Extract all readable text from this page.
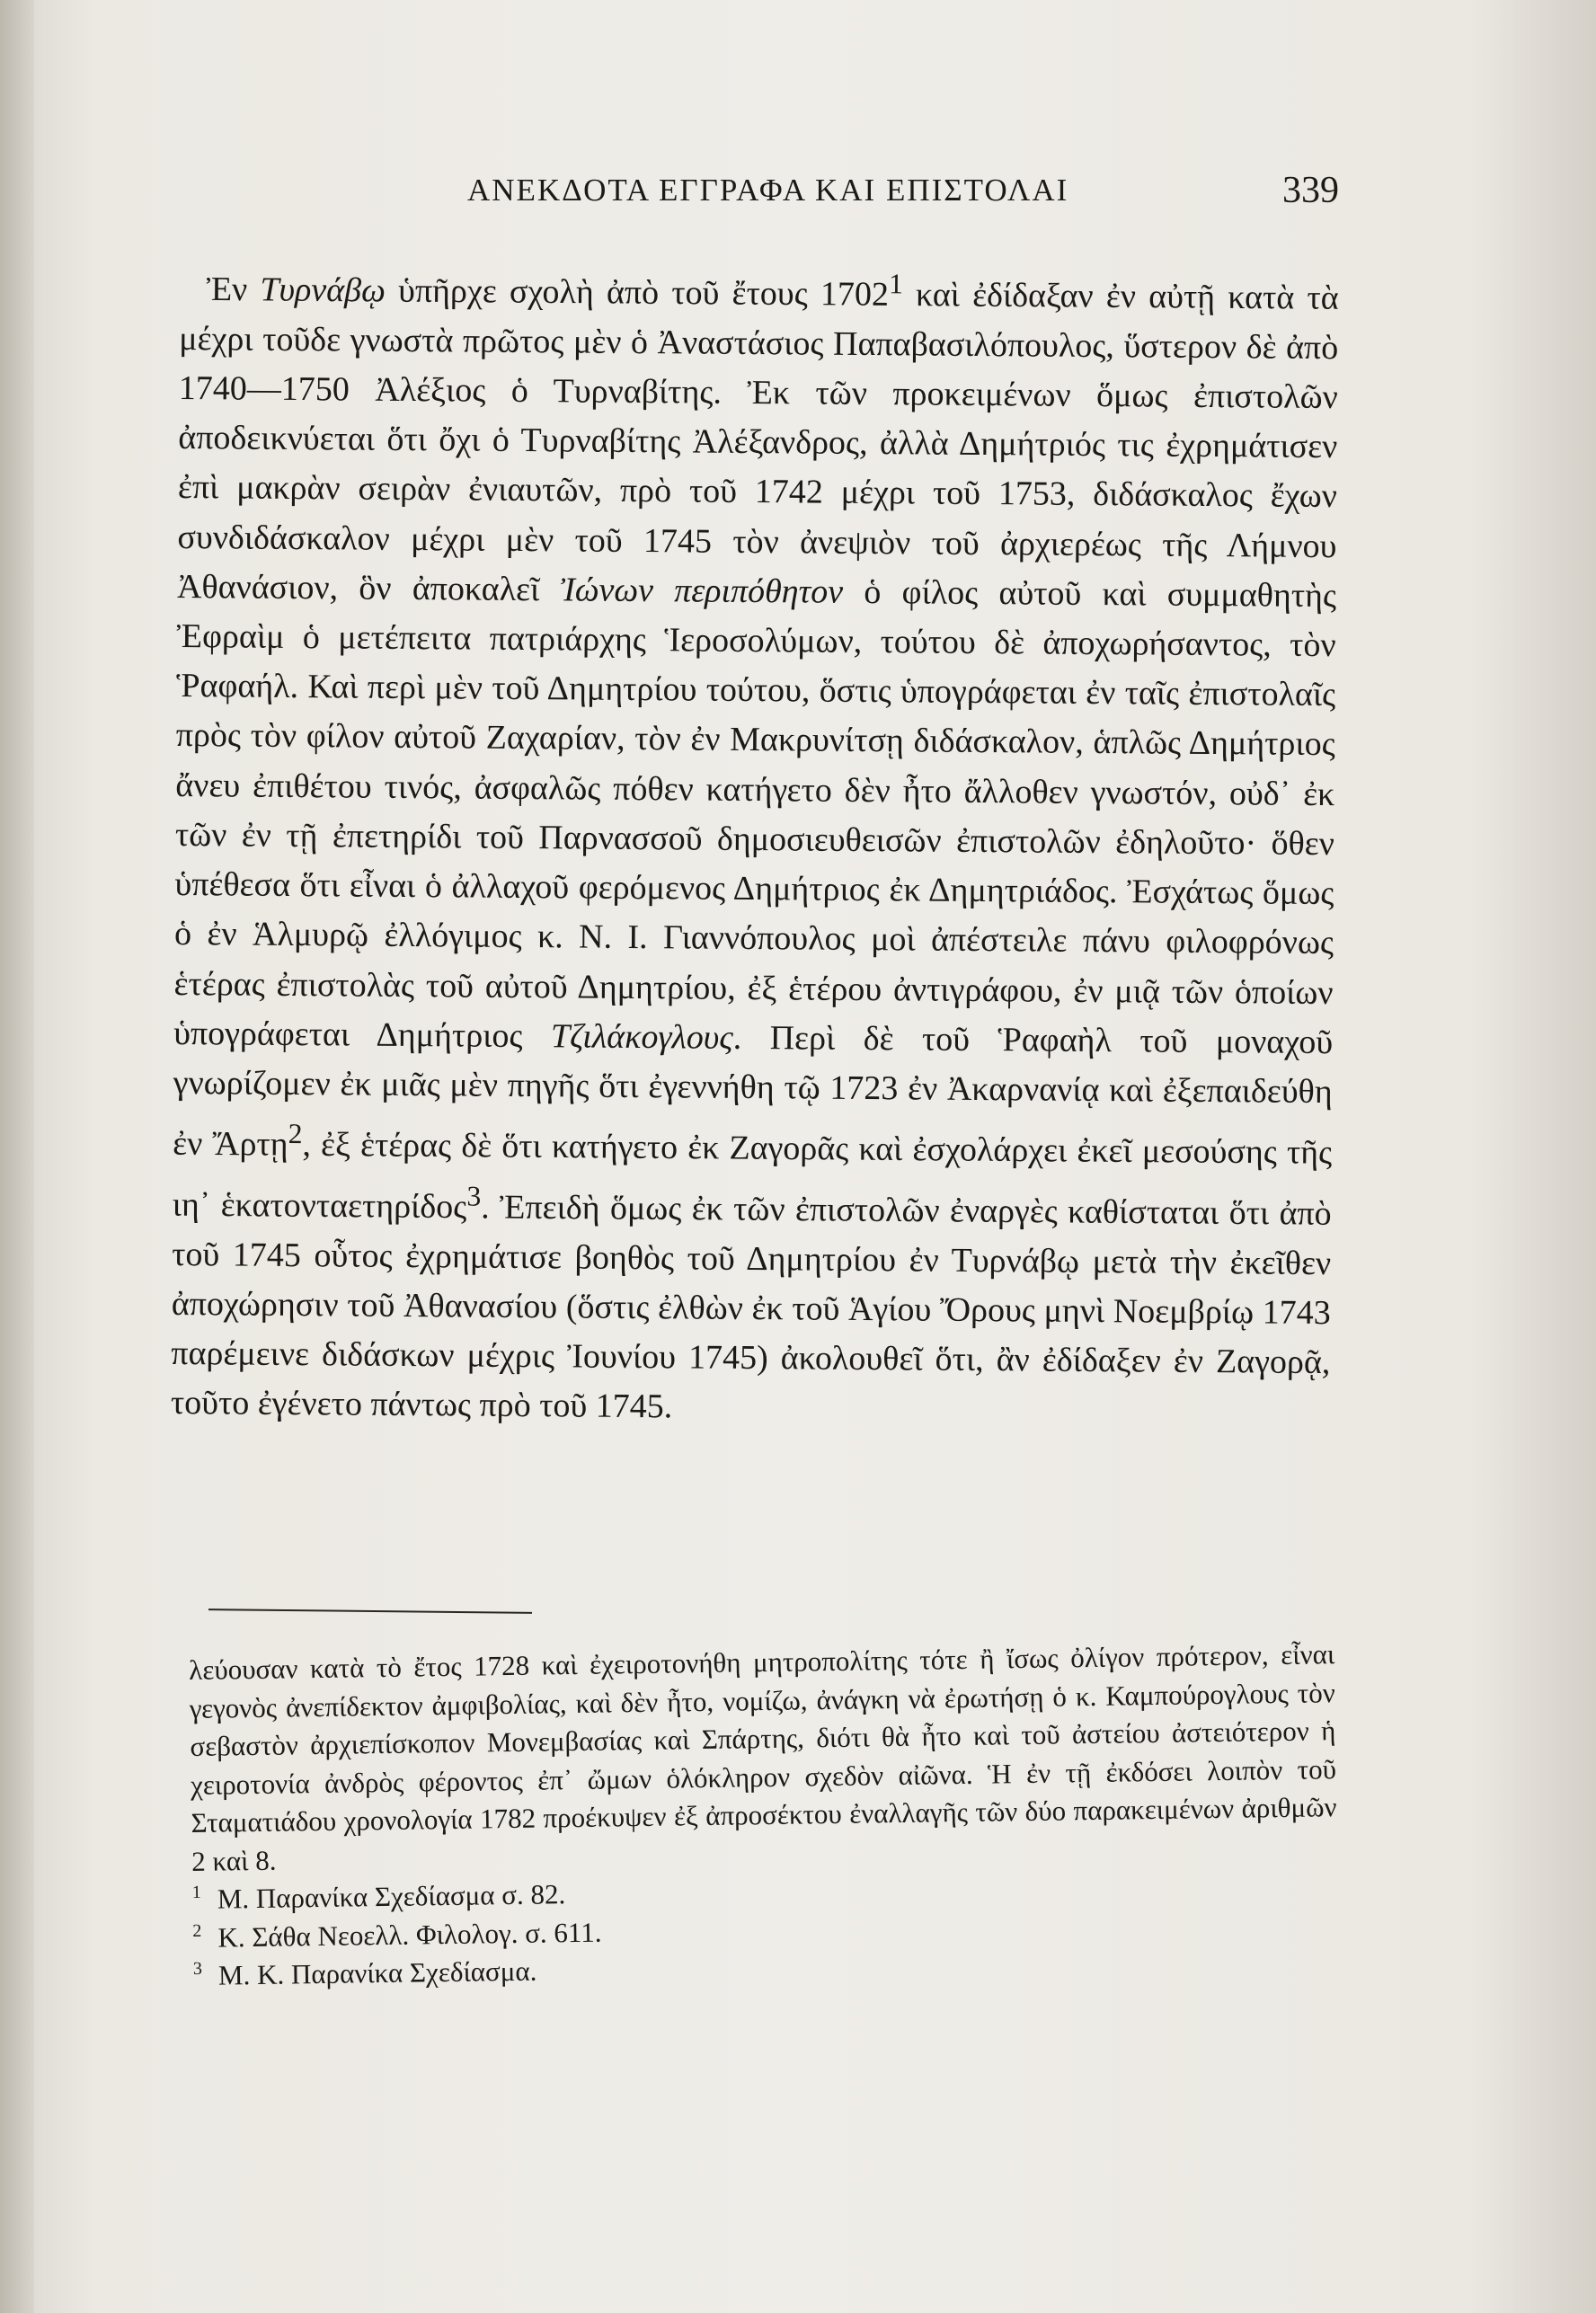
ΑΝΕΚΔΟΤΑ ΕΓΓΡΑΦΑ ΚΑΙ ΕΠΙΣΤΟΛΑΙ	339

Ἐν Τυρνάβῳ ὑπῆρχε σχολὴ ἀπὸ τοῦ ἔτους 1702$^1$ καὶ ἐδίδαξαν ἐν αὐτῇ κατὰ τὰ μέχρι τοῦδε γνωστὰ πρῶτος μὲν ὁ Ἀναστάσιος Παπαβασιλόπουλος, ὕστερον δὲ ἀπὸ 1740—1750 Ἀλέξιος ὁ Τυρναβίτης. Ἐκ τῶν προκειμένων ὅμως ἐπιστολῶν ἀποδεικνύεται ὅτι ὄχι ὁ Τυρναβίτης Ἀλέξανδρος, ἀλλὰ Δημήτριός τις ἐχρημάτισεν ἐπὶ μακρὰν σειρὰν ἐνιαυτῶν, πρὸ τοῦ 1742 μέχρι τοῦ 1753, διδάσκαλος ἔχων συνδιδάσκαλον μέχρι μὲν τοῦ 1745 τὸν ἀνεψιὸν τοῦ ἀρχιερέως τῆς Λήμνου Ἀθανάσιον, ὃν ἀποκαλεῖ Ἰώνων περιπόθητον ὁ φίλος αὐτοῦ καὶ συμμαθητὴς Ἐφραὶμ ὁ μετέπειτα πατριάρχης Ἱεροσολύμων, τούτου δὲ ἀποχωρήσαντος, τὸν Ῥαφαήλ. Καὶ περὶ μὲν τοῦ Δημητρίου τούτου, ὅστις ὑπογράφεται ἐν ταῖς ἐπιστολαῖς πρὸς τὸν φίλον αὐτοῦ Ζαχαρίαν, τὸν ἐν Μακρυνίτσῃ διδάσκαλον, ἁπλῶς Δημήτριος ἄνευ ἐπιθέτου τινός, ἀσφαλῶς πόθεν κατήγετο δὲν ἦτο ἄλλοθεν γνωστόν, οὐδ᾽ ἐκ τῶν ἐν τῇ ἐπετηρίδι τοῦ Παρνασσοῦ δημοσιευθεισῶν ἐπιστολῶν ἐδηλοῦτο· ὅθεν ὑπέθεσα ὅτι εἶναι ὁ ἀλλαχοῦ φερόμενος Δημήτριος ἐκ Δημητριάδος. Ἐσχάτως ὅμως ὁ ἐν Ἁλμυρῷ ἐλλόγιμος κ. Ν. Ι. Γιαννόπουλος μοὶ ἀπέστειλε πάνυ φιλοφρόνως ἑτέρας ἐπιστολὰς τοῦ αὐτοῦ Δημητρίου, ἐξ ἑτέρου ἀντιγράφου, ἐν μιᾷ τῶν ὁποίων ὑπογράφεται Δημήτριος Τζιλάκογλους. Περὶ δὲ τοῦ Ῥαφαὴλ τοῦ μοναχοῦ γνωρίζομεν ἐκ μιᾶς μὲν πηγῆς ὅτι ἐγεννήθη τῷ 1723 ἐν Ἀκαρνανίᾳ καὶ ἐξεπαιδεύθη ἐν Ἄρτῃ$^2$, ἐξ ἑτέρας δὲ ὅτι κατήγετο ἐκ Ζαγορᾶς καὶ ἐσχολάρχει ἐκεῖ μεσούσης τῆς ιη᾽ ἑκατονταετηρίδος$^3$. Ἐπειδὴ ὅμως ἐκ τῶν ἐπιστολῶν ἐναργὲς καθίσταται ὅτι ἀπὸ τοῦ 1745 οὗτος ἐχρημάτισε βοηθὸς τοῦ Δημητρίου ἐν Τυρνάβῳ μετὰ τὴν ἐκεῖθεν ἀποχώρησιν τοῦ Ἀθανασίου (ὅστις ἐλθὼν ἐκ τοῦ Ἁγίου Ὄρους μηνὶ Νοεμβρίῳ 1743 παρέμεινε διδάσκων μέχρις Ἰουνίου 1745) ἀκολουθεῖ ὅτι, ἂν ἐδίδαξεν ἐν Ζαγορᾷ, τοῦτο ἐγένετο πάντως πρὸ τοῦ 1745.

λεύουσαν κατὰ τὸ ἔτος 1728 καὶ ἐχειροτονήθη μητροπολίτης τότε ἢ ἴσως ὀλίγον πρότερον, εἶναι γεγονὸς ἀνεπίδεκτον ἀμφιβολίας, καὶ δὲν ἦτο, νομίζω, ἀνάγκη νὰ ἐρωτήσῃ ὁ κ. Καμπούρογλους τὸν σεβαστὸν ἀρχιεπίσκοπον Μονεμβασίας καὶ Σπάρτης, διότι θὰ ἦτο καὶ τοῦ ἀστείου ἀστειότερον ἡ χειροτονία ἀνδρὸς φέροντος ἐπ᾽ ὤμων ὁλόκληρον σχεδὸν αἰῶνα. Ἡ ἐν τῇ ἐκδόσει λοιπὸν τοῦ Σταματιάδου χρονολογία 1782 προέκυψεν ἐξ ἀπροσέκτου ἐναλλαγῆς τῶν δύο παρακειμένων ἀριθμῶν 2 καὶ 8.

1 Μ. Παρανίκα Σχεδίασμα σ. 82.

2 Κ. Σάθα Νεοελλ. Φιλολογ. σ. 611.

3 Μ. Κ. Παρανίκα Σχεδίασμα.
